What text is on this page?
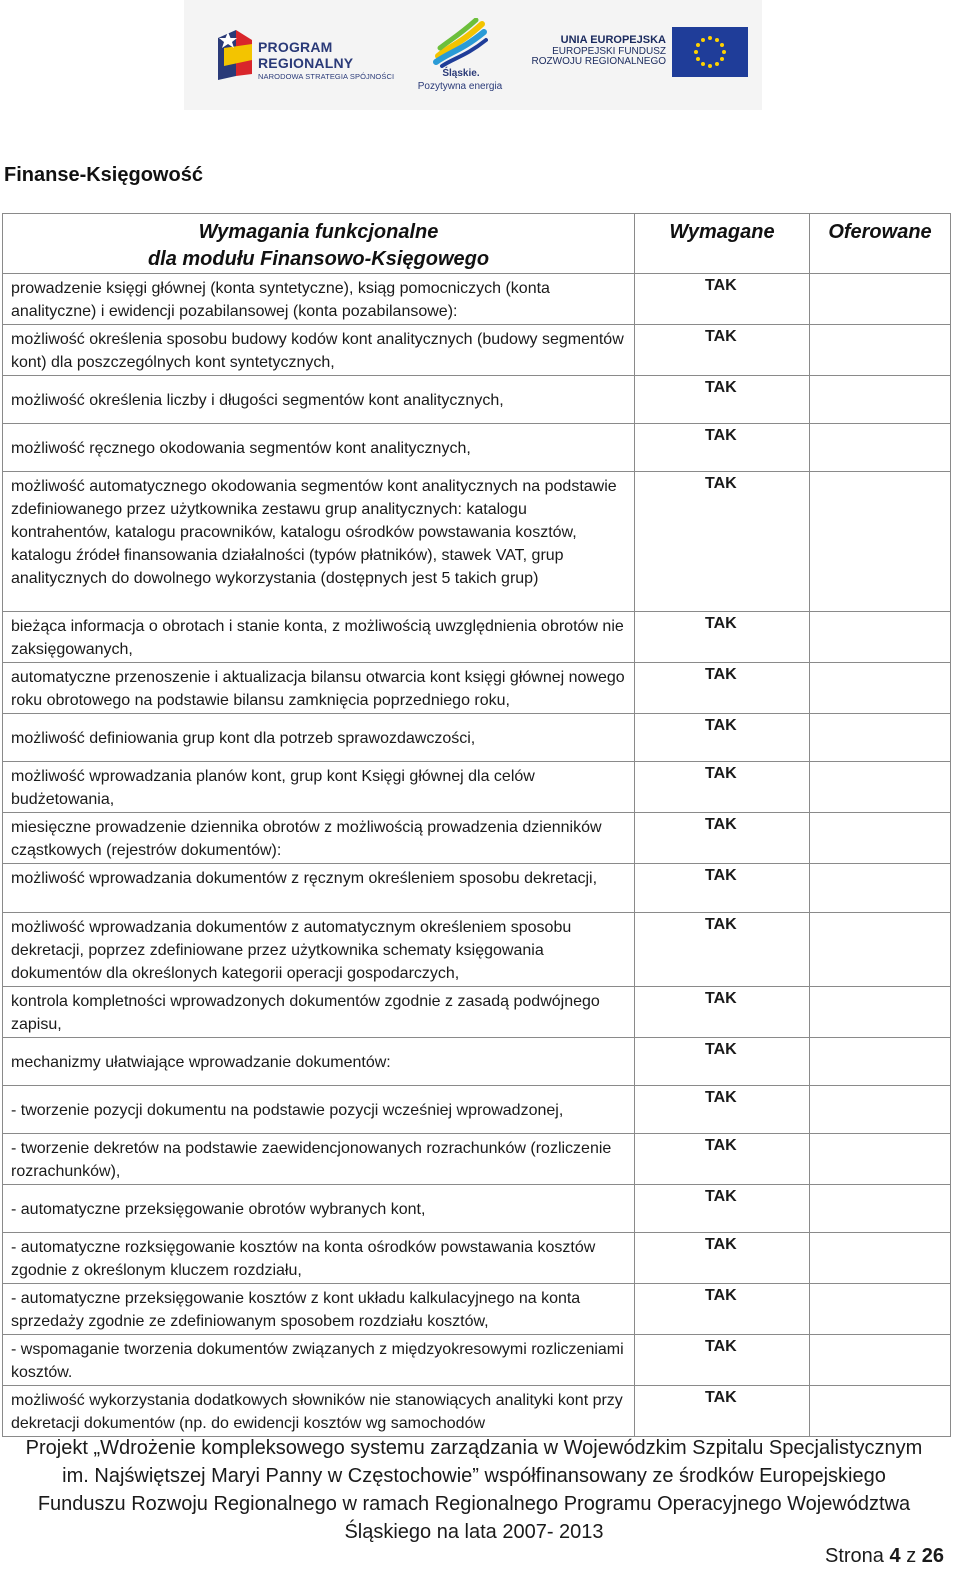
PROGRAM
REGIONALNY
NARODOWA STRATEGIA SPÓJNOŚCI	Śląskie.
Pozytywna energia
UNIA EUROPEJSKA
EUROPEJSKI FUNDUSZ
ROZWOJU REGIONALNEGO
Finanse-Księgowość
Wymagania funkcjonalne
dla modułu Finansowo-Księgowego	Wymagane	Oferowane
prowadzenie księgi głównej (konta syntetyczne), ksiąg pomocniczych (konta analityczne) i ewidencji pozabilansowej (konta pozabilansowe):	TAK	
możliwość określenia sposobu budowy kodów kont analitycznych (budowy segmentów kont) dla poszczególnych kont syntetycznych,	TAK	
możliwość określenia liczby i długości segmentów kont analitycznych,	TAK	
możliwość ręcznego okodowania segmentów kont analitycznych,	TAK	
możliwość automatycznego okodowania segmentów kont analitycznych na podstawie zdefiniowanego przez użytkownika zestawu grup analitycznych: katalogu kontrahentów, katalogu pracowników, katalogu ośrodków powstawania kosztów, katalogu źródeł finansowania działalności (typów płatników), stawek VAT, grup analitycznych do dowolnego wykorzystania (dostępnych jest 5 takich grup)	TAK	
bieżąca informacja o obrotach i stanie konta, z możliwością uwzględnienia obrotów nie zaksięgowanych,	TAK	
automatyczne przenoszenie i aktualizacja bilansu otwarcia kont księgi głównej nowego roku obrotowego na podstawie bilansu zamknięcia poprzedniego roku,	TAK	
możliwość definiowania grup kont dla potrzeb sprawozdawczości,	TAK	
możliwość wprowadzania planów kont, grup kont Księgi głównej dla celów budżetowania,	TAK	
miesięczne prowadzenie dziennika obrotów z możliwością prowadzenia dzienników cząstkowych (rejestrów dokumentów):	TAK	
możliwość wprowadzania dokumentów z ręcznym określeniem sposobu dekretacji,	TAK	
możliwość wprowadzania dokumentów z automatycznym określeniem sposobu dekretacji, poprzez zdefiniowane przez użytkownika schematy księgowania dokumentów dla określonych kategorii operacji gospodarczych,	TAK	
kontrola kompletności wprowadzonych dokumentów zgodnie z zasadą podwójnego zapisu,	TAK	
mechanizmy ułatwiające wprowadzanie dokumentów:	TAK	
- tworzenie pozycji dokumentu na podstawie pozycji wcześniej wprowadzonej,	TAK	
- tworzenie dekretów na podstawie zaewidencjonowanych rozrachunków (rozliczenie rozrachunków),	TAK	
- automatyczne przeksięgowanie obrotów wybranych kont,	TAK	
- automatyczne rozksięgowanie kosztów na konta ośrodków powstawania kosztów zgodnie z określonym kluczem rozdziału,	TAK	
- automatyczne przeksięgowanie kosztów z kont układu kalkulacyjnego na konta sprzedaży zgodnie ze zdefiniowanym sposobem rozdziału kosztów,	TAK	
- wspomaganie tworzenia dokumentów związanych z międzyokresowymi rozliczeniami kosztów.	TAK	
możliwość wykorzystania dodatkowych słowników nie stanowiących analityki kont przy dekretacji dokumentów (np. do ewidencji kosztów wg samochodów	TAK	
Projekt „Wdrożenie kompleksowego systemu zarządzania w Wojewódzkim Szpitalu Specjalistycznym
im. Najświętszej Maryi Panny w Częstochowie” współfinansowany ze środków Europejskiego
Funduszu Rozwoju Regionalnego w ramach Regionalnego Programu Operacyjnego Województwa
Śląskiego na lata 2007- 2013
Strona 4 z 26
